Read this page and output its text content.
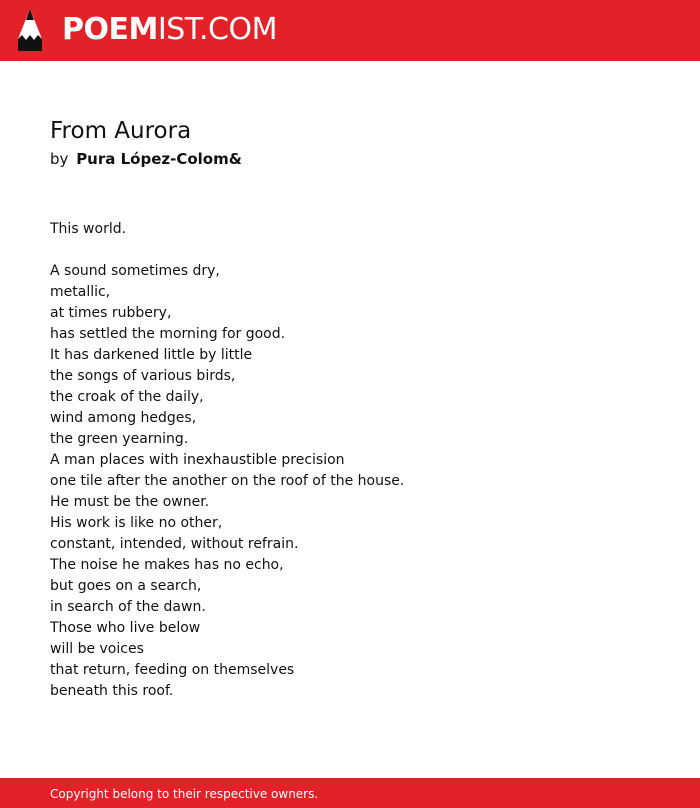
POEMIST.COM
From Aurora
by Pura López-Colom&
This world.
A sound sometimes dry,
metallic,
at times rubbery,
has settled the morning for good.
It has darkened little by little
the songs of various birds,
the croak of the daily,
wind among hedges,
the green yearning.
A man places with inexhaustible precision
one tile after the another on the roof of the house.
He must be the owner.
His work is like no other,
constant, intended, without refrain.
The noise he makes has no echo,
but goes on a search,
in search of the dawn.
Those who live below
will be voices
that return, feeding on themselves
beneath this roof.
Copyright belong to their respective owners.
